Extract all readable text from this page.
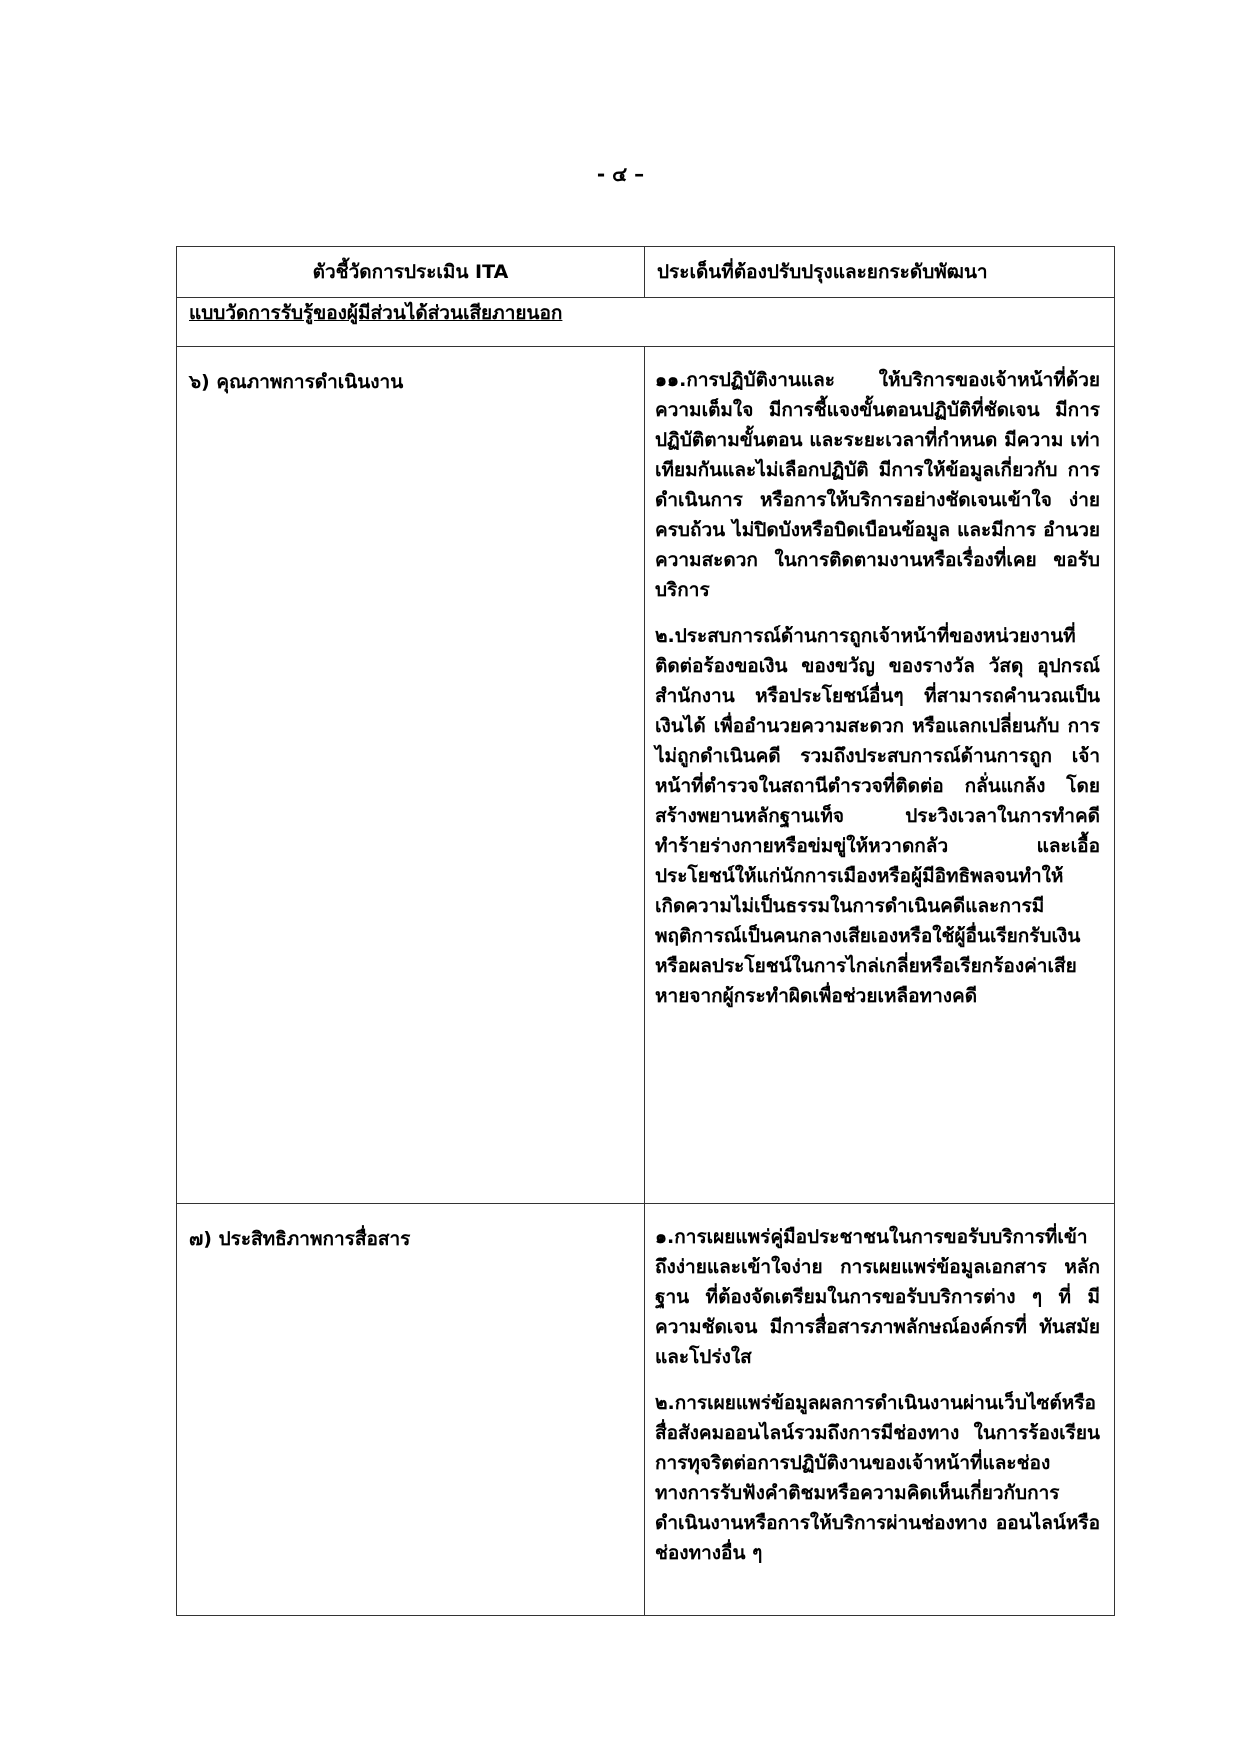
- ๔ –
ตัวชี้วัดการประเมิน ITA	ประเด็นที่ต้องปรับปรุงและยกระดับพัฒนา
แบบวัดการรับรู้ของผู้มีส่วนได้ส่วนเสียภายนอก	
๖) คุณภาพการดำเนินงาน	๑๑.การปฏิบัติงานและ ให้บริการของเจ้าหน้าที่ด้วยความเต็มใจ มีการชี้แจงขั้นตอนปฏิบัติที่ชัดเจน มีการ ปฏิบัติตามขั้นตอน และระยะเวลาที่กำหนด มีความ เท่าเทียมกันและไม่เลือกปฏิบัติ มีการให้ข้อมูลเกี่ยวกับ การดำเนินการ หรือการให้บริการอย่างชัดเจนเข้าใจ ง่าย ครบถ้วน ไม่ปิดบังหรือบิดเบือนข้อมูล และมีการ อำนวยความสะดวก ในการติดตามงานหรือเรื่องที่เคย ขอรับบริการ

๒.ประสบการณ์ด้านการถูกเจ้าหน้าที่ของหน่วยงานที่ ติดต่อร้องขอเงิน ของขวัญ ของรางวัล วัสดุ อุปกรณ์ สำนักงาน หรือประโยชน์อื่นๆ ที่สามารถคำนวณเป็น เงินได้ เพื่ออำนวยความสะดวก หรือแลกเปลี่ยนกับ การไม่ถูกดำเนินคดี รวมถึงประสบการณ์ด้านการถูก เจ้าหน้าที่ตำรวจในสถานีตำรวจที่ติดต่อ กลั่นแกล้ง โดยสร้างพยานหลักฐานเท็จ ประวิงเวลาในการทำคดี ทำร้ายร่างกายหรือข่มขู่ให้หวาดกลัว และเอื้อ ประโยชน์ให้แก่นักการเมืองหรือผู้มีอิทธิพลจนทำให้ เกิดความไม่เป็นธรรมในการดำเนินคดีและการมี พฤติการณ์เป็นคนกลางเสียเองหรือใช้ผู้อื่นเรียกรับเงิน หรือผลประโยชน์ในการไกล่เกลี่ยหรือเรียกร้องค่าเสียหายจากผู้กระทำผิดเพื่อช่วยเหลือทางคดี

๗) ประสิทธิภาพการสื่อสาร	๑.การเผยแพร่คู่มือประชาชนในการขอรับบริการที่เข้าถึงง่ายและเข้าใจง่าย การเผยแพร่ข้อมูลเอกสาร หลักฐาน ที่ต้องจัดเตรียมในการขอรับบริการต่าง ๆ ที่ มีความชัดเจน มีการสื่อสารภาพลักษณ์องค์กรที่ ทันสมัย และโปร่งใส

๒.การเผยแพร่ข้อมูลผลการดำเนินงานผ่านเว็บไซต์หรือสื่อสังคมออนไลน์รวมถึงการมีช่องทาง ในการร้องเรียนการทุจริตต่อการปฏิบัติงานของเจ้าหน้าที่และช่องทางการรับฟังคำติชมหรือความคิดเห็นเกี่ยวกับการดำเนินงานหรือการให้บริการผ่านช่องทาง ออนไลน์หรือช่องทางอื่น ๆ
